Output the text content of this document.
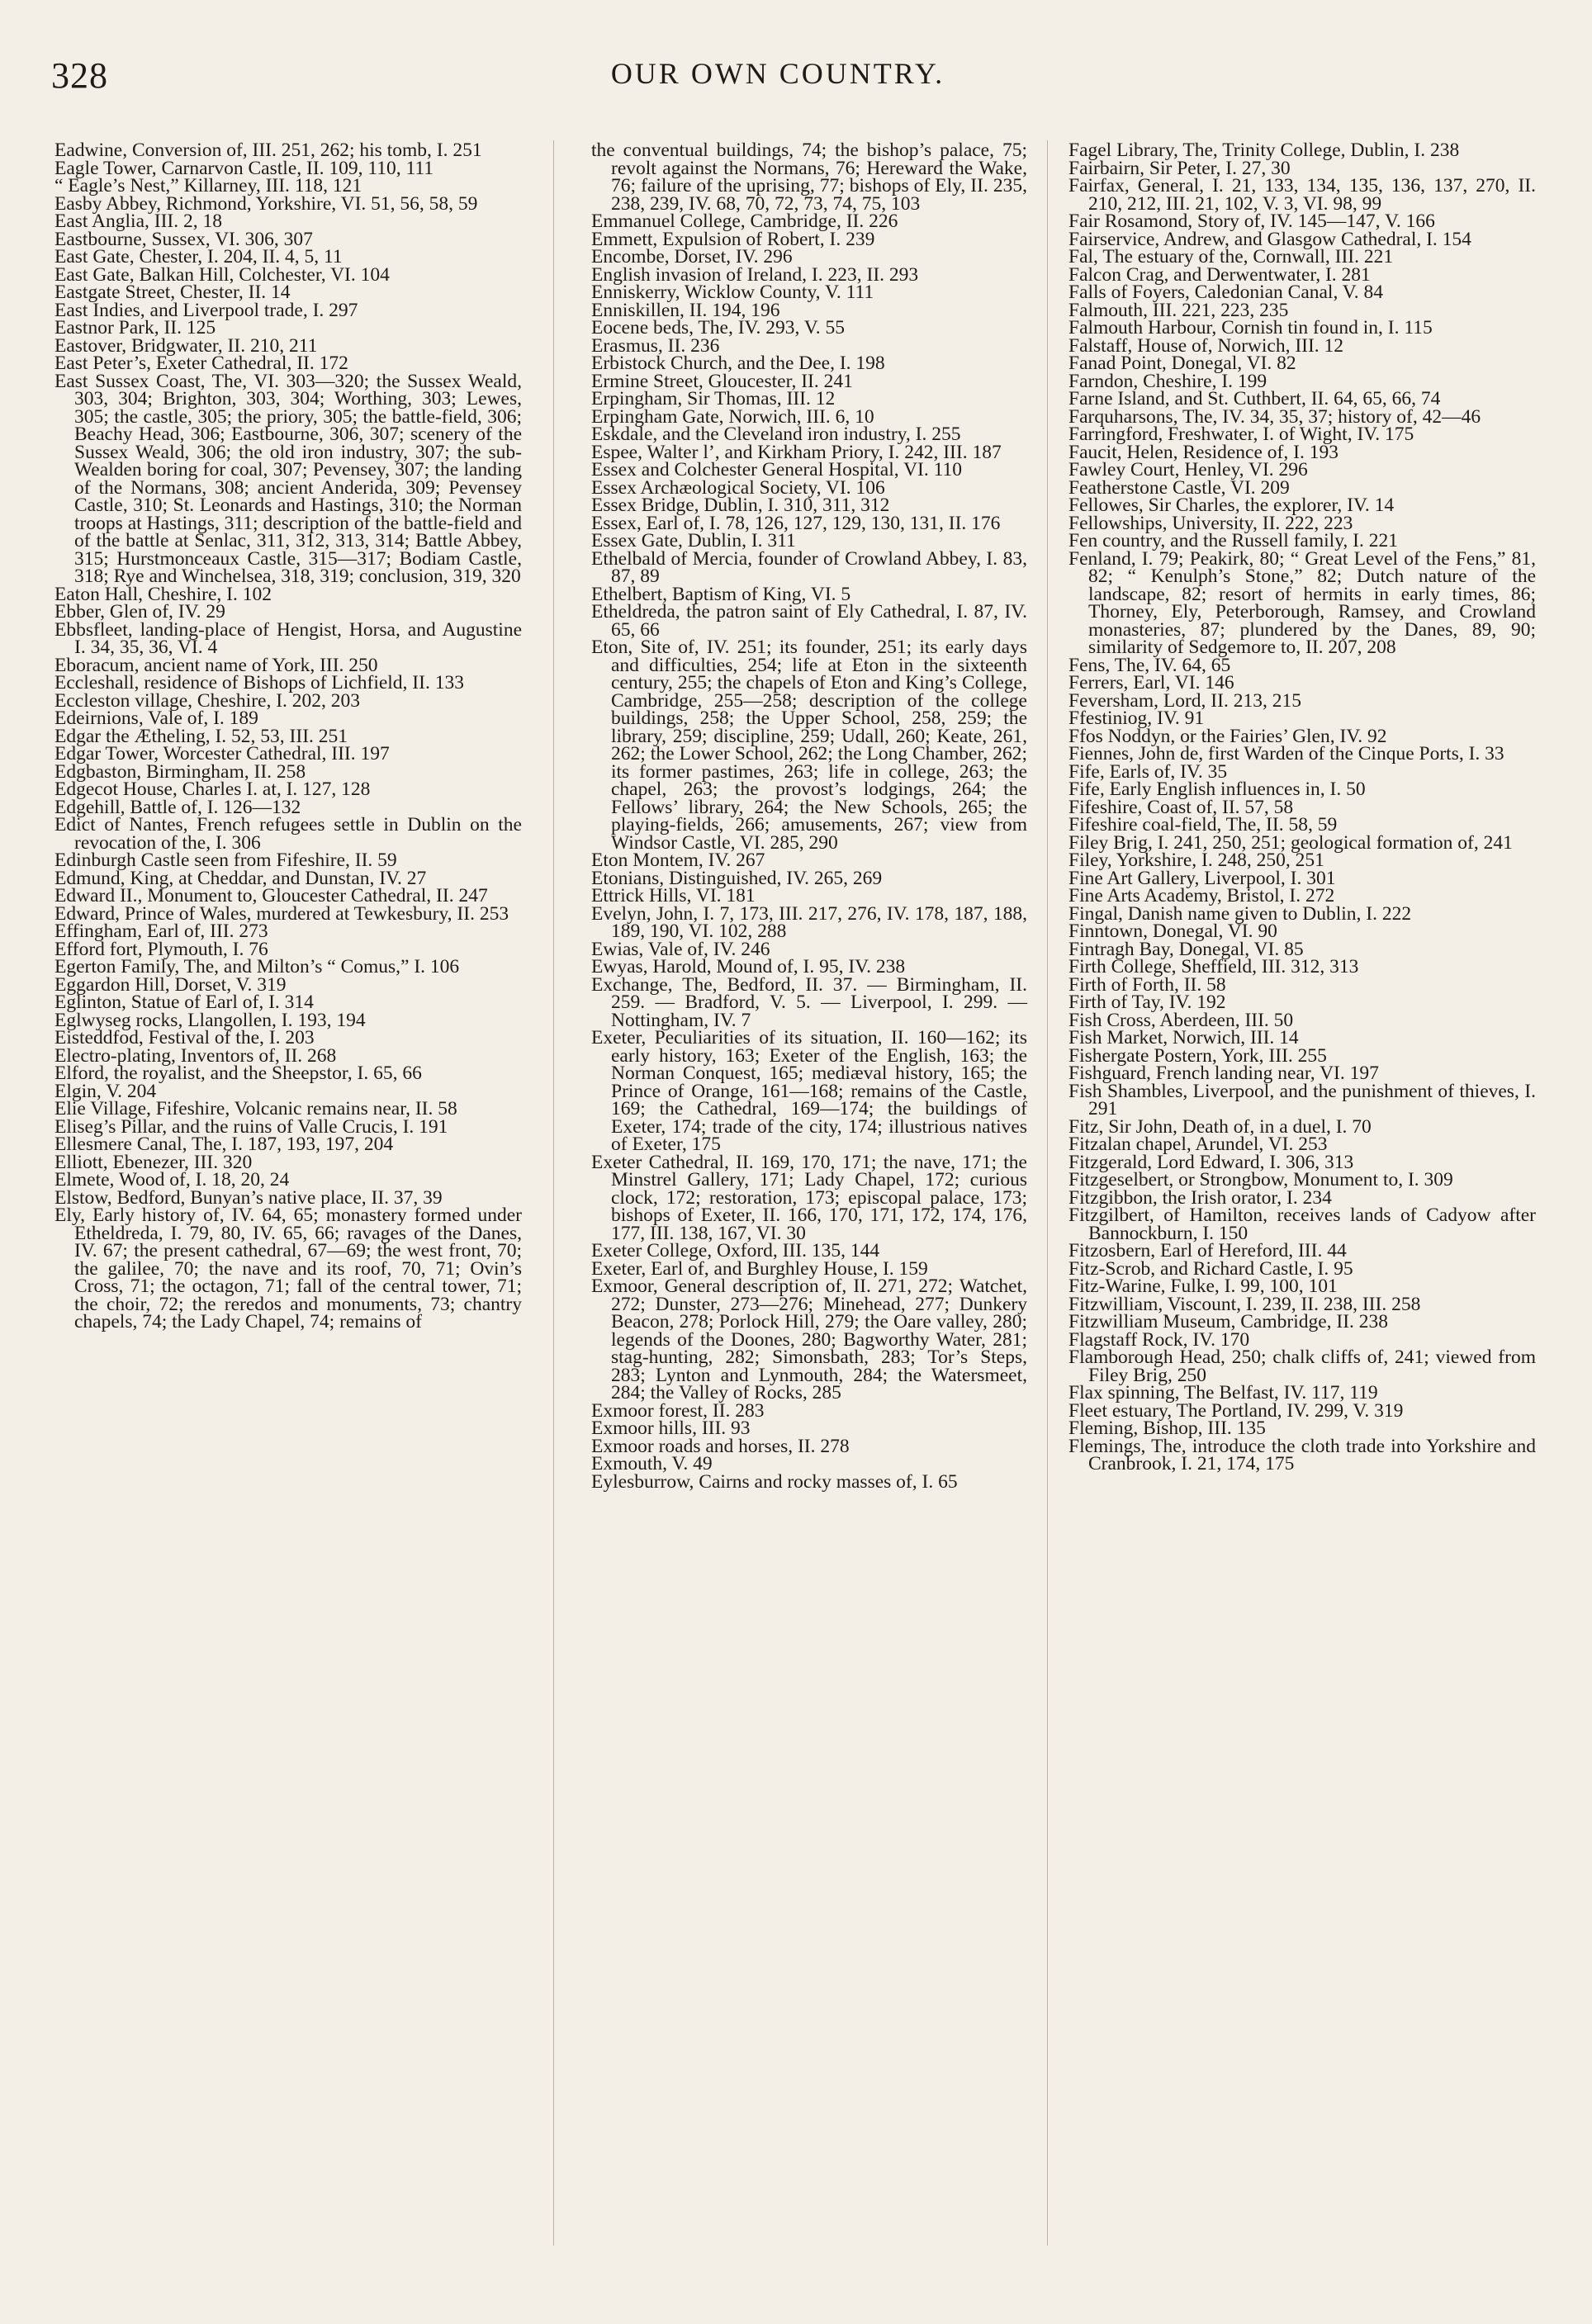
328	OUR OWN COUNTRY.

Eadwine, Conversion of, III. 251, 262; his tomb, I. 251

Eagle Tower, Carnarvon Castle, II. 109, 110, 111

“ Eagle’s Nest,” Killarney, III. 118, 121

Easby Abbey, Richmond, Yorkshire, VI. 51, 56, 58, 59

East Anglia, III. 2, 18

Eastbourne, Sussex, VI. 306, 307

East Gate, Chester, I. 204, II. 4, 5, 11

East Gate, Balkan Hill, Colchester, VI. 104

Eastgate Street, Chester, II. 14

East Indies, and Liverpool trade, I. 297

Eastnor Park, II. 125

Eastover, Bridgwater, II. 210, 211

East Peter’s, Exeter Cathedral, II. 172

East Sussex Coast, The, VI. 303—320; the Sussex Weald, 303, 304; Brighton, 303, 304; Worthing, 303; Lewes, 305; the castle, 305; the priory, 305; the battle-field, 306; Beachy Head, 306; Eastbourne, 306, 307; scenery of the Sussex Weald, 306; the old iron industry, 307; the sub-Wealden boring for coal, 307; Pevensey, 307; the landing of the Normans, 308; ancient Anderida, 309; Pevensey Castle, 310; St. Leonards and Hastings, 310; the Norman troops at Hastings, 311; description of the battle-field and of the battle at Senlac, 311, 312, 313, 314; Battle Abbey, 315; Hurstmonceaux Castle, 315—317; Bodiam Castle, 318; Rye and Winchelsea, 318, 319; conclusion, 319, 320

Eaton Hall, Cheshire, I. 102

Ebber, Glen of, IV. 29

Ebbsfleet, landing-place of Hengist, Horsa, and Augustine I. 34, 35, 36, VI. 4

Eboracum, ancient name of York, III. 250

Eccleshall, residence of Bishops of Lichfield, II. 133

Eccleston village, Cheshire, I. 202, 203

Edeirnions, Vale of, I. 189

Edgar the Ætheling, I. 52, 53, III. 251

Edgar Tower, Worcester Cathedral, III. 197

Edgbaston, Birmingham, II. 258

Edgecot House, Charles I. at, I. 127, 128

Edgehill, Battle of, I. 126—132

Edict of Nantes, French refugees settle in Dublin on the revocation of the, I. 306

Edinburgh Castle seen from Fifeshire, II. 59

Edmund, King, at Cheddar, and Dunstan, IV. 27

Edward II., Monument to, Gloucester Cathedral, II. 247

Edward, Prince of Wales, murdered at Tewkesbury, II. 253

Effingham, Earl of, III. 273

Efford fort, Plymouth, I. 76

Egerton Family, The, and Milton’s “ Comus,” I. 106

Eggardon Hill, Dorset, V. 319

Eglinton, Statue of Earl of, I. 314

Eglwyseg rocks, Llangollen, I. 193, 194

Eisteddfod, Festival of the, I. 203

Electro-plating, Inventors of, II. 268

Elford, the royalist, and the Sheepstor, I. 65, 66

Elgin, V. 204

Elie Village, Fifeshire, Volcanic remains near, II. 58

Eliseg’s Pillar, and the ruins of Valle Crucis, I. 191

Ellesmere Canal, The, I. 187, 193, 197, 204

Elliott, Ebenezer, III. 320

Elmete, Wood of, I. 18, 20, 24

Elstow, Bedford, Bunyan’s native place, II. 37, 39

Ely, Early history of, IV. 64, 65; monastery formed under Etheldreda, I. 79, 80, IV. 65, 66; ravages of the Danes, IV. 67; the present cathedral, 67—69; the west front, 70; the galilee, 70; the nave and its roof, 70, 71; Ovin’s Cross, 71; the octagon, 71; fall of the central tower, 71; the choir, 72; the reredos and monuments, 73; chantry chapels, 74; the Lady Chapel, 74; remains of

the conventual buildings, 74; the bishop’s palace, 75; revolt against the Normans, 76; Hereward the Wake, 76; failure of the uprising, 77; bishops of Ely, II. 235, 238, 239, IV. 68, 70, 72, 73, 74, 75, 103

Emmanuel College, Cambridge, II. 226

Emmett, Expulsion of Robert, I. 239

Encombe, Dorset, IV. 296

English invasion of Ireland, I. 223, II. 293

Enniskerry, Wicklow County, V. 111

Enniskillen, II. 194, 196

Eocene beds, The, IV. 293, V. 55

Erasmus, II. 236

Erbistock Church, and the Dee, I. 198

Ermine Street, Gloucester, II. 241

Erpingham, Sir Thomas, III. 12

Erpingham Gate, Norwich, III. 6, 10

Eskdale, and the Cleveland iron industry, I. 255

Espee, Walter l’, and Kirkham Priory, I. 242, III. 187

Essex and Colchester General Hospital, VI. 110

Essex Archæological Society, VI. 106

Essex Bridge, Dublin, I. 310, 311, 312

Essex, Earl of, I. 78, 126, 127, 129, 130, 131, II. 176

Essex Gate, Dublin, I. 311

Ethelbald of Mercia, founder of Crowland Abbey, I. 83, 87, 89

Ethelbert, Baptism of King, VI. 5

Etheldreda, the patron saint of Ely Cathedral, I. 87, IV. 65, 66

Eton, Site of, IV. 251; its founder, 251; its early days and difficulties, 254; life at Eton in the sixteenth century, 255; the chapels of Eton and King’s College, Cambridge, 255—258; description of the college buildings, 258; the Upper School, 258, 259; the library, 259; discipline, 259; Udall, 260; Keate, 261, 262; the Lower School, 262; the Long Chamber, 262; its former pastimes, 263; life in college, 263; the chapel, 263; the provost’s lodgings, 264; the Fellows’ library, 264; the New Schools, 265; the playing-fields, 266; amusements, 267; view from Windsor Castle, VI. 285, 290

Eton Montem, IV. 267

Etonians, Distinguished, IV. 265, 269

Ettrick Hills, VI. 181

Evelyn, John, I. 7, 173, III. 217, 276, IV. 178, 187, 188, 189, 190, VI. 102, 288

Ewias, Vale of, IV. 246

Ewyas, Harold, Mound of, I. 95, IV. 238

Exchange, The, Bedford, II. 37. — Birmingham, II. 259. — Bradford, V. 5. — Liverpool, I. 299. — Nottingham, IV. 7

Exeter, Peculiarities of its situation, II. 160—162; its early history, 163; Exeter of the English, 163; the Norman Conquest, 165; mediæval history, 165; the Prince of Orange, 161—168; remains of the Castle, 169; the Cathedral, 169—174; the buildings of Exeter, 174; trade of the city, 174; illustrious natives of Exeter, 175

Exeter Cathedral, II. 169, 170, 171; the nave, 171; the Minstrel Gallery, 171; Lady Chapel, 172; curious clock, 172; restoration, 173; episcopal palace, 173; bishops of Exeter, II. 166, 170, 171, 172, 174, 176, 177, III. 138, 167, VI. 30

Exeter College, Oxford, III. 135, 144

Exeter, Earl of, and Burghley House, I. 159

Exmoor, General description of, II. 271, 272; Watchet, 272; Dunster, 273—276; Minehead, 277; Dunkery Beacon, 278; Porlock Hill, 279; the Oare valley, 280; legends of the Doones, 280; Bagworthy Water, 281; stag-hunting, 282; Simonsbath, 283; Tor’s Steps, 283; Lynton and Lynmouth, 284; the Watersmeet, 284; the Valley of Rocks, 285

Exmoor forest, II. 283

Exmoor hills, III. 93

Exmoor roads and horses, II. 278

Exmouth, V. 49

Eylesburrow, Cairns and rocky masses of, I. 65

Fagel Library, The, Trinity College, Dublin, I. 238

Fairbairn, Sir Peter, I. 27, 30

Fairfax, General, I. 21, 133, 134, 135, 136, 137, 270, II. 210, 212, III. 21, 102, V. 3, VI. 98, 99

Fair Rosamond, Story of, IV. 145—147, V. 166

Fairservice, Andrew, and Glasgow Cathedral, I. 154

Fal, The estuary of the, Cornwall, III. 221

Falcon Crag, and Derwentwater, I. 281

Falls of Foyers, Caledonian Canal, V. 84

Falmouth, III. 221, 223, 235

Falmouth Harbour, Cornish tin found in, I. 115

Falstaff, House of, Norwich, III. 12

Fanad Point, Donegal, VI. 82

Farndon, Cheshire, I. 199

Farne Island, and St. Cuthbert, II. 64, 65, 66, 74

Farquharsons, The, IV. 34, 35, 37; history of, 42—46

Farringford, Freshwater, I. of Wight, IV. 175

Faucit, Helen, Residence of, I. 193

Fawley Court, Henley, VI. 296

Featherstone Castle, VI. 209

Fellowes, Sir Charles, the explorer, IV. 14

Fellowships, University, II. 222, 223

Fen country, and the Russell family, I. 221

Fenland, I. 79; Peakirk, 80; “ Great Level of the Fens,” 81, 82; “ Kenulph’s Stone,” 82; Dutch nature of the landscape, 82; resort of hermits in early times, 86; Thorney, Ely, Peterborough, Ramsey, and Crowland monasteries, 87; plundered by the Danes, 89, 90; similarity of Sedgemore to, II. 207, 208

Fens, The, IV. 64, 65

Ferrers, Earl, VI. 146

Feversham, Lord, II. 213, 215

Ffestiniog, IV. 91

Ffos Noddyn, or the Fairies’ Glen, IV. 92

Fiennes, John de, first Warden of the Cinque Ports, I. 33

Fife, Earls of, IV. 35

Fife, Early English influences in, I. 50

Fifeshire, Coast of, II. 57, 58

Fifeshire coal-field, The, II. 58, 59

Filey Brig, I. 241, 250, 251; geological formation of, 241

Filey, Yorkshire, I. 248, 250, 251

Fine Art Gallery, Liverpool, I. 301

Fine Arts Academy, Bristol, I. 272

Fingal, Danish name given to Dublin, I. 222

Finntown, Donegal, VI. 90

Fintragh Bay, Donegal, VI. 85

Firth College, Sheffield, III. 312, 313

Firth of Forth, II. 58

Firth of Tay, IV. 192

Fish Cross, Aberdeen, III. 50

Fish Market, Norwich, III. 14

Fishergate Postern, York, III. 255

Fishguard, French landing near, VI. 197

Fish Shambles, Liverpool, and the punishment of thieves, I. 291

Fitz, Sir John, Death of, in a duel, I. 70

Fitzalan chapel, Arundel, VI. 253

Fitzgerald, Lord Edward, I. 306, 313

Fitzgeselbert, or Strongbow, Monument to, I. 309

Fitzgibbon, the Irish orator, I. 234

Fitzgilbert, of Hamilton, receives lands of Cadyow after Bannockburn, I. 150

Fitzosbern, Earl of Hereford, III. 44

Fitz-Scrob, and Richard Castle, I. 95

Fitz-Warine, Fulke, I. 99, 100, 101

Fitzwilliam, Viscount, I. 239, II. 238, III. 258

Fitzwilliam Museum, Cambridge, II. 238

Flagstaff Rock, IV. 170

Flamborough Head, 250; chalk cliffs of, 241; viewed from Filey Brig, 250

Flax spinning, The Belfast, IV. 117, 119

Fleet estuary, The Portland, IV. 299, V. 319

Fleming, Bishop, III. 135

Flemings, The, introduce the cloth trade into Yorkshire and Cranbrook, I. 21, 174, 175
